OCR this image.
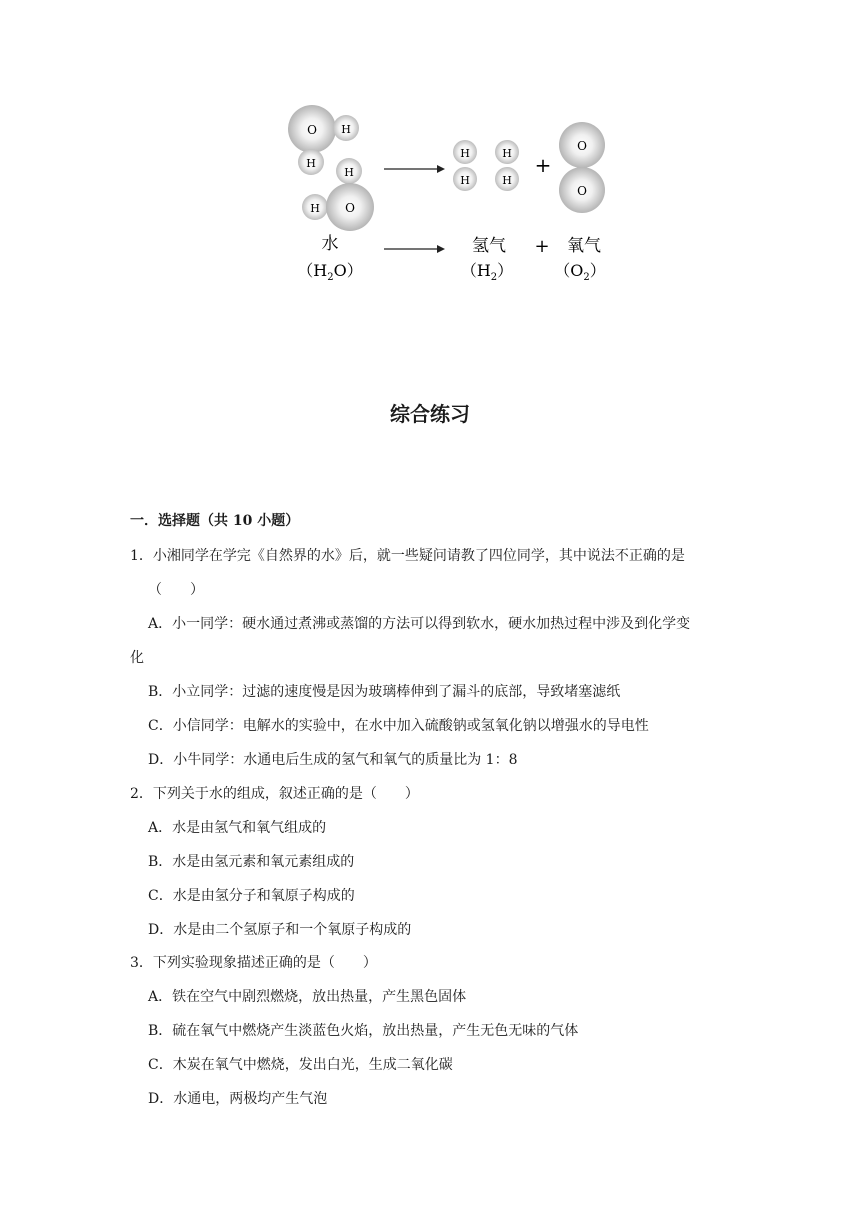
O H
H
H
H O
H	H
H	H
+
O
O
水
$(H_2O)$
氢气
$(H_2)$
+ 氧气
$(O_2)$
综合练习
一．选择题（共 10 小题）
1．小湘同学在学完《自然界的水》后，就一些疑问请教了四位同学，其中说法不正确的是
（　　）
A．小一同学：硬水通过煮沸或蒸馏的方法可以得到软水，硬水加热过程中涉及到化学变
化
B．小立同学：过滤的速度慢是因为玻璃棒伸到了漏斗的底部，导致堵塞滤纸
C．小信同学：电解水的实验中，在水中加入硫酸钠或氢氧化钠以增强水的导电性
D．小牛同学：水通电后生成的氢气和氧气的质量比为 1：8
2．下列关于水的组成，叙述正确的是（　　）
A．水是由氢气和氧气组成的
B．水是由氢元素和氧元素组成的
C．水是由氢分子和氧原子构成的
D．水是由二个氢原子和一个氧原子构成的
3．下列实验现象描述正确的是（　　）
A．铁在空气中剧烈燃烧，放出热量，产生黑色固体
B．硫在氧气中燃烧产生淡蓝色火焰，放出热量，产生无色无味的气体
C．木炭在氧气中燃烧，发出白光，生成二氧化碳
D．水通电，两极均产生气泡
